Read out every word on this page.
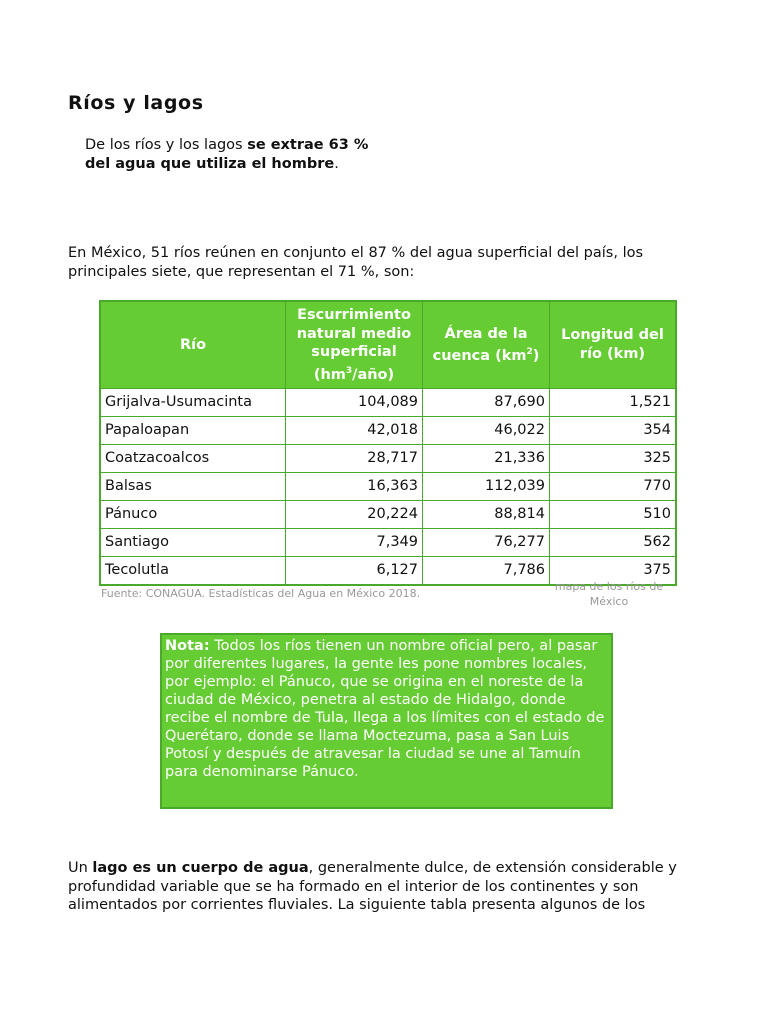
Ríos y lagos

De los ríos y los lagos se extrae 63 % del agua que utiliza el hombre.

En México, 51 ríos reúnen en conjunto el 87 % del agua superficial del país, los principales siete, que representan el 71 %, son:

Río	Escurrimiento natural medio superficial $(hm^3/año)$	Área de la cuenca $(km^2)$	Longitud del río (km)
Grijalva-Usumacinta	104,089	87,690	1,521
Papaloapan	42,018	46,022	354
Coatzacoalcos	28,717	21,336	325
Balsas	16,363	112,039	770
Pánuco	20,224	88,814	510
Santiago	7,349	76,277	562
Tecolutla	6,127	7,786	375
Fuente: CONAGUA. Estadísticas del Agua en México 2018.
mapa de los ríos de México
Nota: Todos los ríos tienen un nombre oficial pero, al pasar por diferentes lugares, la gente les pone nombres locales, por ejemplo: el Pánuco, que se origina en el noreste de la ciudad de México, penetra al estado de Hidalgo, donde recibe el nombre de Tula, llega a los límites con el estado de Querétaro, donde se llama Moctezuma, pasa a San Luis Potosí y después de atravesar la ciudad se une al Tamuín para denominarse Pánuco.

Un lago es un cuerpo de agua, generalmente dulce, de extensión considerable y profundidad variable que se ha formado en el interior de los continentes y son alimentados por corrientes fluviales. La siguiente tabla presenta algunos de los
